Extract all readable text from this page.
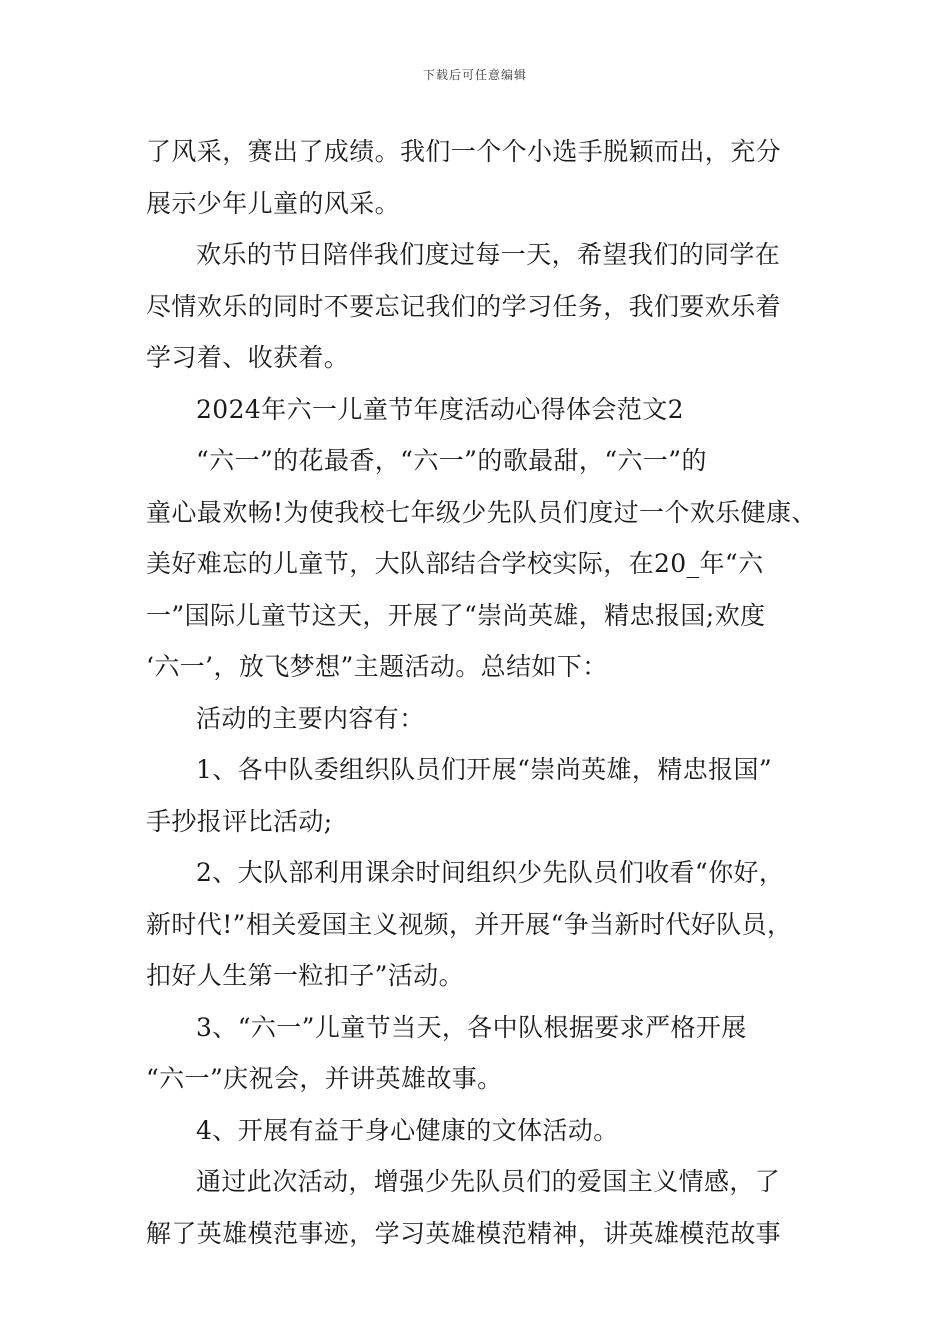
下载后可任意编辑
了风采，赛出了成绩。我们一个个小选手脱颖而出，充分
展示少年儿童的风采。
欢乐的节日陪伴我们度过每一天，希望我们的同学在
尽情欢乐的同时不要忘记我们的学习任务，我们要欢乐着
学习着、收获着。
2024年六一儿童节年度活动心得体会范文2
“六一”的花最香，“六一”的歌最甜，“六一”的
童心最欢畅!为使我校七年级少先队员们度过一个欢乐健康、
美好难忘的儿童节，大队部结合学校实际，在20_年“六
一”国际儿童节这天，开展了“崇尚英雄，精忠报国;欢度
‘六一’，放飞梦想”主题活动。总结如下：
活动的主要内容有：
1、各中队委组织队员们开展“崇尚英雄，精忠报国”
手抄报评比活动;
2、大队部利用课余时间组织少先队员们收看“你好，
新时代!”相关爱国主义视频，并开展“争当新时代好队员，
扣好人生第一粒扣子”活动。
3、“六一”儿童节当天，各中队根据要求严格开展
“六一”庆祝会，并讲英雄故事。
4、开展有益于身心健康的文体活动。
通过此次活动，增强少先队员们的爱国主义情感，了
解了英雄模范事迹，学习英雄模范精神，讲英雄模范故事
